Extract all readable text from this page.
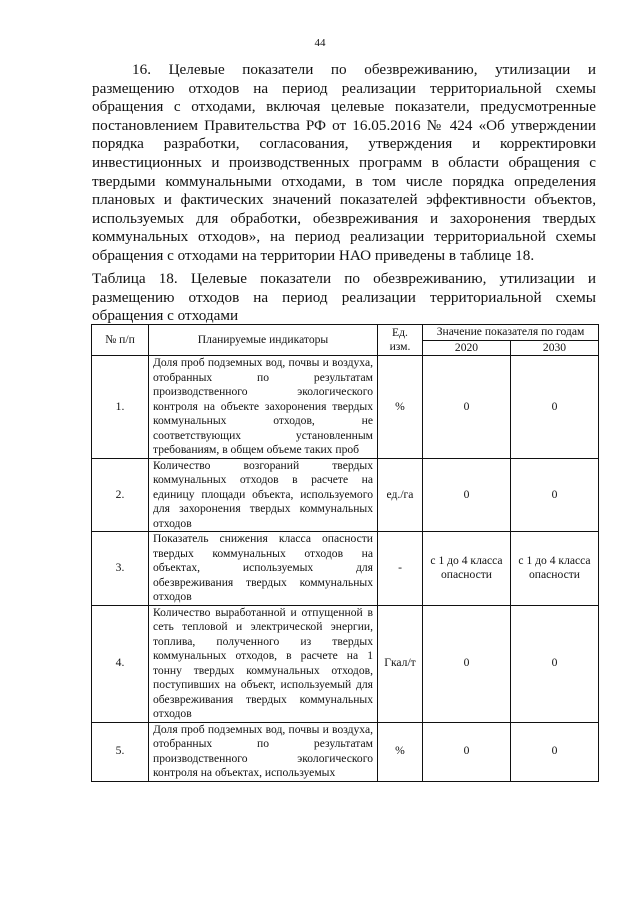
44

16. Целевые показатели по обезвреживанию, утилизации и размещению отходов на период реализации территориальной схемы обращения с отходами, включая целевые показатели, предусмотренные постановлением Правительства РФ от 16.05.2016 № 424 «Об утверждении порядка разработки, согласования, утверждения и корректировки инвестиционных и производственных программ в области обращения с твердыми коммунальными отходами, в том числе порядка определения плановых и фактических значений показателей эффективности объектов, используемых для обработки, обезвреживания и захоронения твердых коммунальных отходов», на период реализации территориальной схемы обращения с отходами на территории НАО приведены в таблице 18.

Таблица 18. Целевые показатели по обезвреживанию, утилизации и размещению отходов на период реализации территориальной схемы обращения с отходами

№ п/п	Планируемые индикаторы	Ед. изм.	Значение показателя по годам	
			2020	2030
1.	Доля проб подземных вод, почвы и воздуха, отобранных по результатам производственного экологического контроля на объекте захоронения твердых коммунальных отходов, не соответствующих установленным требованиям, в общем объеме таких проб	%	0	0
2.	Количество возгораний твердых коммунальных отходов в расчете на единицу площади объекта, используемого для захоронения твердых коммунальных отходов	ед./га	0	0
3.	Показатель снижения класса опасности твердых коммунальных отходов на объектах, используемых для обезвреживания твердых коммунальных отходов	-	с 1 до 4 класса опасности	с 1 до 4 класса опасности
4.	Количество выработанной и отпущенной в сеть тепловой и электрической энергии, топлива, полученного из твердых коммунальных отходов, в расчете на 1 тонну твердых коммунальных отходов, поступивших на объект, используемый для обезвреживания твердых коммунальных отходов	Гкал/т	0	0
5.	Доля проб подземных вод, почвы и воздуха, отобранных по результатам производственного экологического контроля на объектах, используемых	%	0	0
